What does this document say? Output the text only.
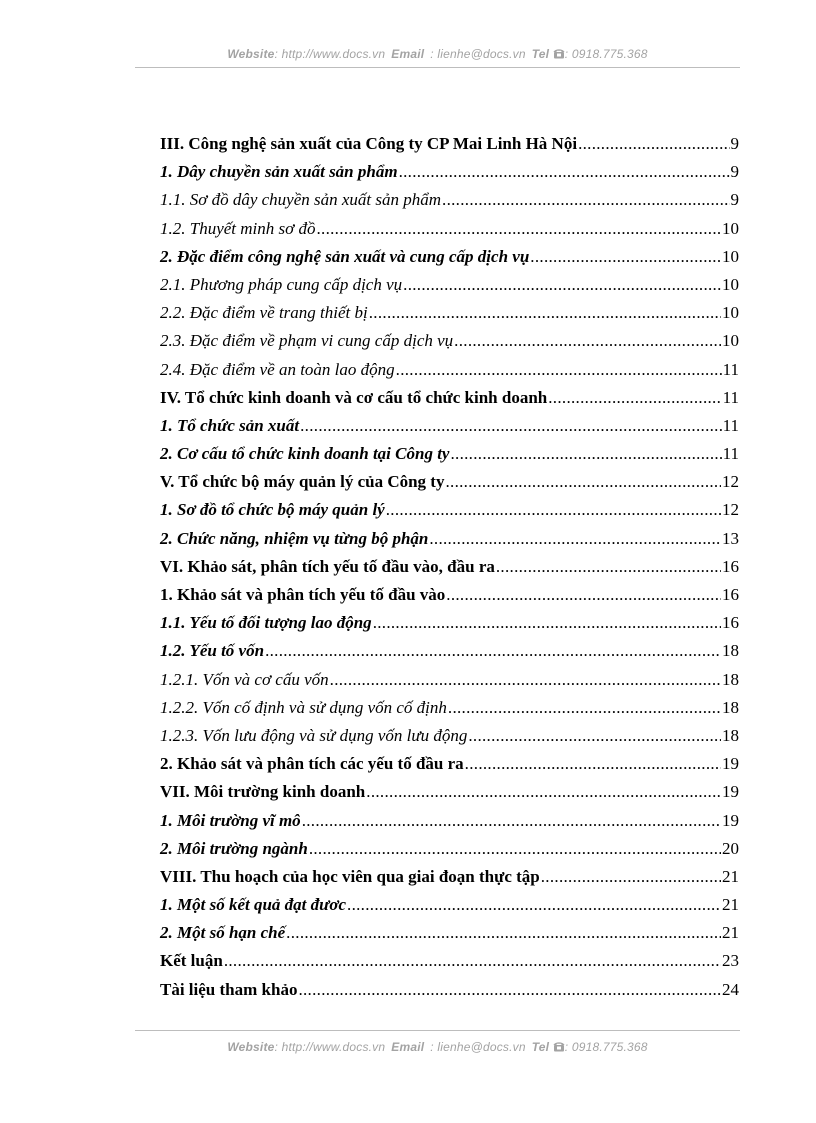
Website: http://www.docs.vn Email : lienhe@docs.vn Tel : 0918.775.368
III. Công nghệ sản xuất của Công ty CP Mai Linh Hà Nội .....	9
1. Dây chuyền sản xuất sản phẩm .....	9
1.1. Sơ đồ dây chuyền sản xuất sản phẩm .....	9
1.2. Thuyết minh sơ đồ .....	10
2. Đặc điểm công nghệ sản xuất và cung cấp dịch vụ .....	10
2.1. Phương pháp cung cấp dịch vụ .....	10
2.2. Đặc điểm về trang thiết bị .....	10
2.3. Đặc điểm về phạm vi cung cấp dịch vụ .....	10
2.4. Đặc điểm về an toàn lao động .....	11
IV. Tổ chức kinh doanh và cơ cấu tổ chức kinh doanh .....	11
1. Tổ chức sản xuất .....	11
2. Cơ cấu tổ chức kinh doanh tại Công ty .....	11
V. Tổ chức bộ máy quản lý của Công ty .....	12
1. Sơ đồ tổ chức bộ máy quản lý .....	12
2. Chức năng, nhiệm vụ từng bộ phận .....	13
VI. Khảo sát, phân tích yếu tố đầu vào, đầu ra .....	16
1. Khảo sát và phân tích yếu tố đầu vào .....	16
1.1. Yếu tố đối tượng lao động .....	16
1.2. Yếu tố vốn .....	18
1.2.1. Vốn và cơ cấu vốn .....	18
1.2.2. Vốn cố định và sử dụng vốn cố định .....	18
1.2.3. Vốn lưu động và sử dụng vốn lưu động .....	18
2. Khảo sát và phân tích các yếu tố đầu ra .....	19
VII. Môi trường kinh doanh .....	19
1. Môi trường vĩ mô .....	19
2. Môi trường ngành .....	20
VIII. Thu hoạch của học viên qua giai đoạn thực tập .....	21
1. Một số kết quả đạt đươc .....	21
2. Một số hạn chế .....	21
Kết luận .....	23
Tài liệu tham khảo .....	24
Website: http://www.docs.vn Email : lienhe@docs.vn Tel : 0918.775.368
